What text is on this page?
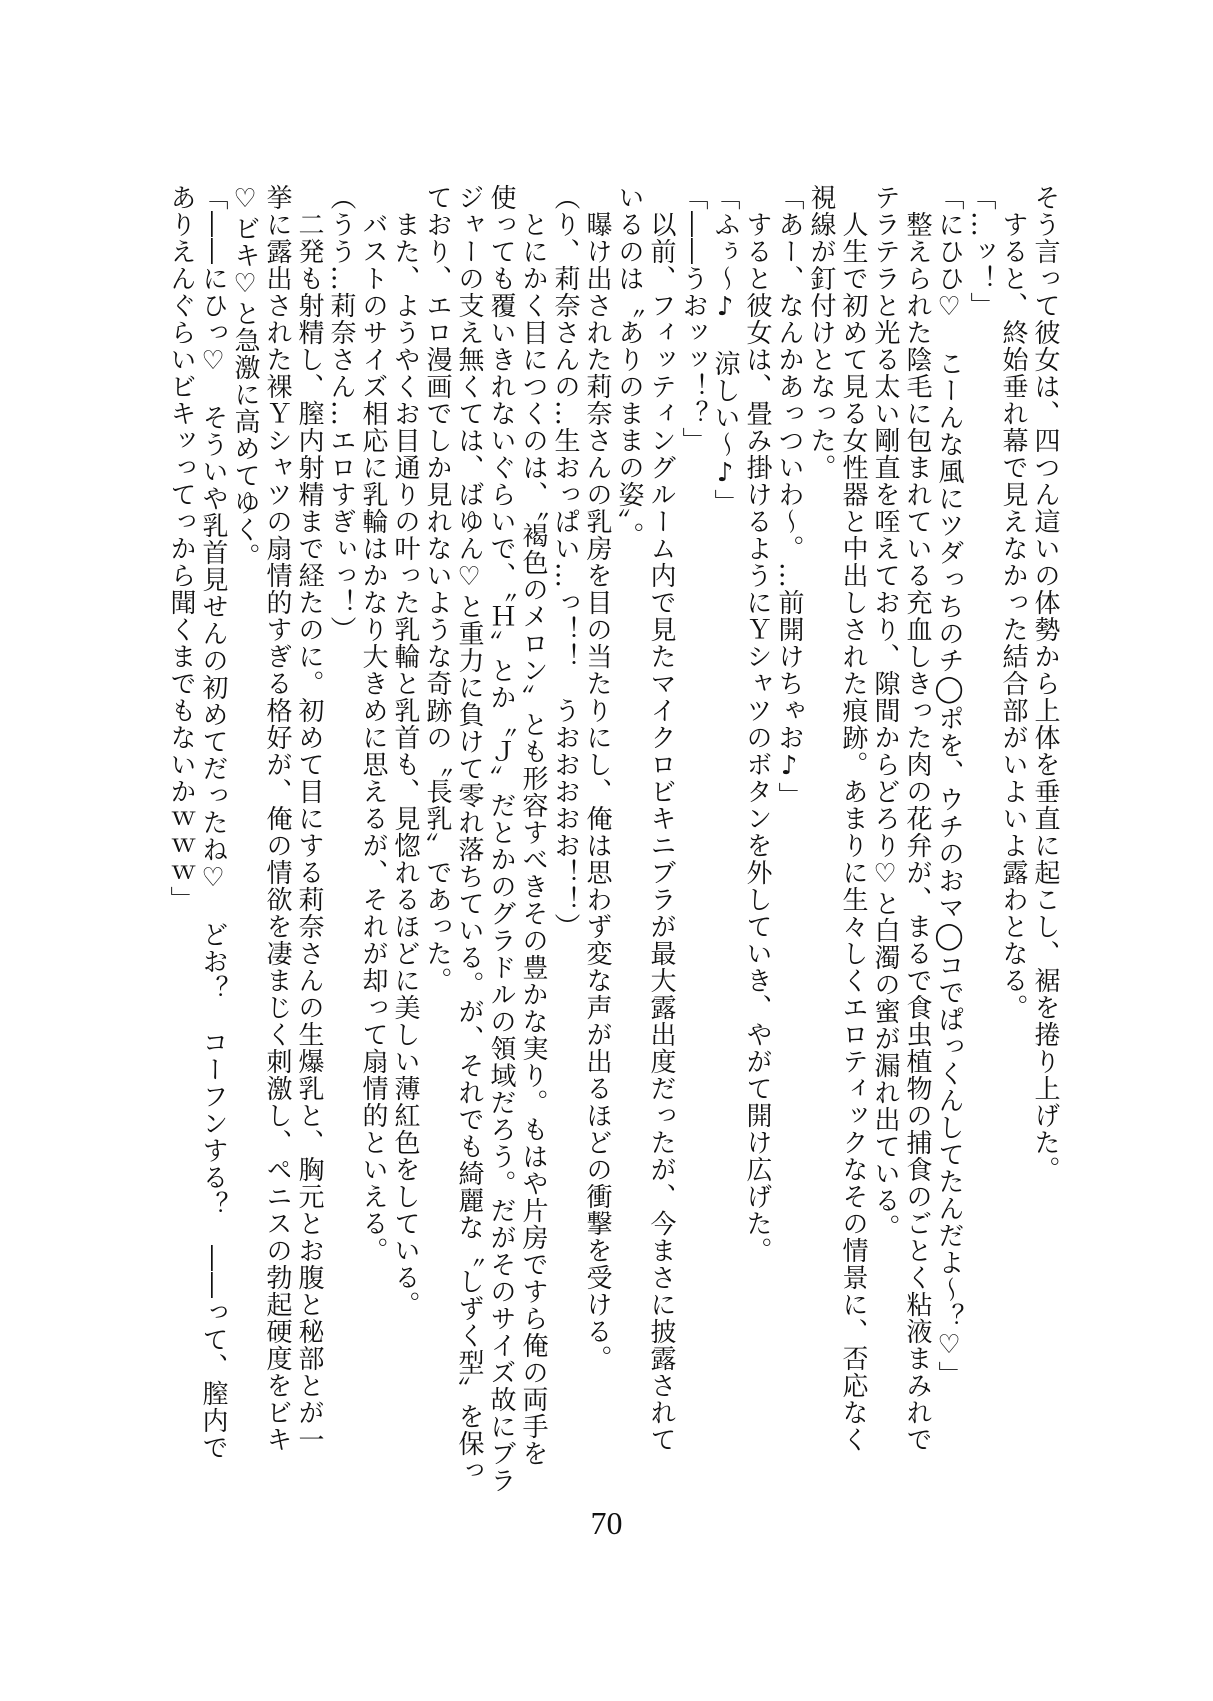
そう言って彼女は、四つん這いの体勢から上体を垂直に起こし、裾を捲り上げた。
　すると、終始垂れ幕で見えなかった結合部がいよいよ露わとなる。
「…ッ！」
「にひひ♡　こーんな風にツダっちのチ◯ポを、ウチのおマ◯コでぱっくんしてたんだよ〜？♡」
　整えられた陰毛に包まれている充血しきった肉の花弁が、まるで食虫植物の捕食のごとく粘液まみれで
テラテラと光る太い剛直を咥えており、隙間からどろり♡と白濁の蜜が漏れ出ている。
　人生で初めて見る女性器と中出しされた痕跡。あまりに生々しくエロティックなその情景に、否応なく
視線が釘付けとなった。
「あー、なんかあっついわ〜。…前開けちゃお♪」
　すると彼女は、畳み掛けるようにＹシャツのボタンを外していき、やがて開け広げた。
「ふぅ〜♪　涼しい〜♪」
「――うおッッ！？」
　以前、フィッティングルーム内で見たマイクロビキニブラが最大露出度だったが、今まさに披露されて
いるのは〝ありのままの姿〟。
　曝け出された莉奈さんの乳房を目の当たりにし、俺は思わず変な声が出るほどの衝撃を受ける。
（り、莉奈さんの…生おっぱい…っ！！　うおおおおお！！）
　とにかく目につくのは、〝褐色のメロン〟とも形容すべきその豊かな実り。もはや片房ですら俺の両手を
使っても覆いきれないぐらいで、〝Ｈ〟とか〝Ｊ〟だとかのグラドルの領域だろう。だがそのサイズ故にブラ
ジャーの支え無くては、ばゆん♡と重力に負けて零れ落ちている。が、それでも綺麗な〝しずく型〟を保っ
ており、エロ漫画でしか見れないような奇跡の〝長乳〟であった。
　また、ようやくお目通りの叶った乳輪と乳首も、見惚れるほどに美しい薄紅色をしている。
　バストのサイズ相応に乳輪はかなり大きめに思えるが、それが却って扇情的といえる。
（うう…莉奈さん…エロすぎぃっ！）
　二発も射精し、膣内射精まで経たのに。初めて目にする莉奈さんの生爆乳と、胸元とお腹と秘部とが一
挙に露出された裸Ｙシャツの扇情的すぎる格好が、俺の情欲を凄まじく刺激し、ペニスの勃起硬度をビキ
♡ビキ♡と急激に高めてゆく。
「――にひっ♡　そういや乳首見せんの初めてだったね♡　どお？　コーフンする？　――って、膣内で
ありえんぐらいビキッってっから聞くまでもないかｗｗｗ」
70
